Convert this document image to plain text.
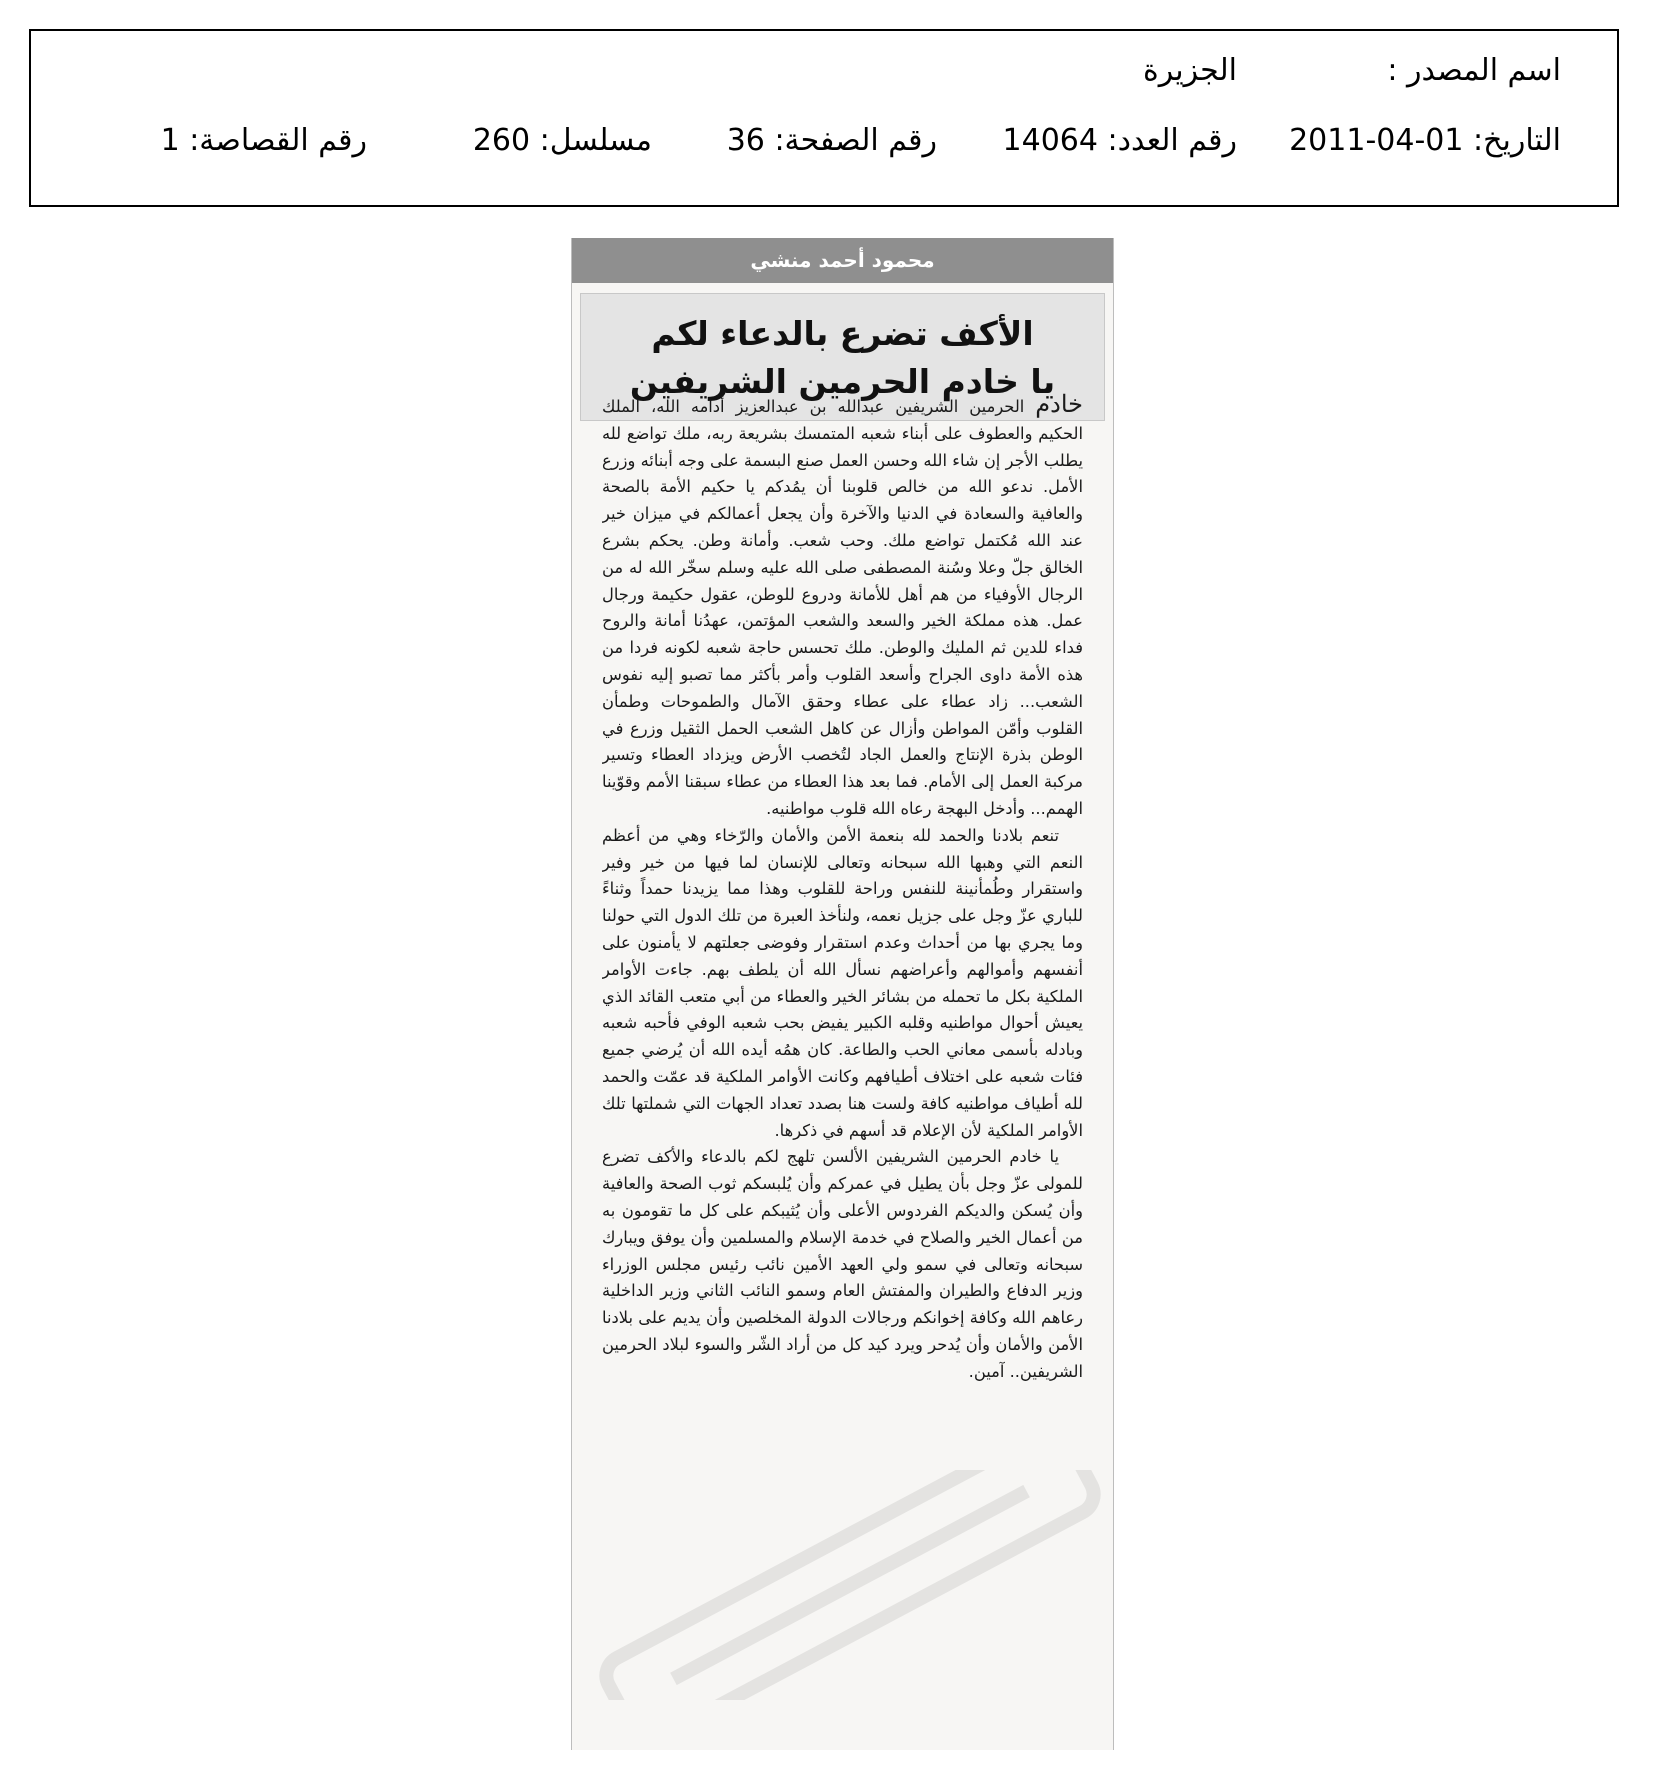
اسم المصدر :
الجزيرة
التاريخ: 01-04-2011
رقم العدد: 14064
رقم الصفحة: 36
مسلسل: 260
رقم القصاصة: 1
محمود أحمد منشي
الأكف تضرع بالدعاء لكم
يا خادم الحرمين الشريفين

خادم الحرمين الشريفين عبدالله بن عبدالعزيز أدامه الله، الملك الحكيم والعطوف على أبناء شعبه المتمسك بشريعة ربه، ملك تواضع لله يطلب الأجر إن شاء الله وحسن العمل صنع البسمة على وجه أبنائه وزرع الأمل. ندعو الله من خالص قلوبنا أن يمُدكم يا حكيم الأمة بالصحة والعافية والسعادة في الدنيا والآخرة وأن يجعل أعمالكم في ميزان خير عند الله مُكتمل تواضع ملك. وحب شعب. وأمانة وطن. يحكم بشرع الخالق جلّ وعلا وسُنة المصطفى صلى الله عليه وسلم سخّر الله له من الرجال الأوفياء من هم أهل للأمانة ودروع للوطن، عقول حكيمة ورجال عمل. هذه مملكة الخير والسعد والشعب المؤتمن، عهدُنا أمانة والروح فداء للدين ثم المليك والوطن. ملك تحسس حاجة شعبه لكونه فردا من هذه الأمة داوى الجراح وأسعد القلوب وأمر بأكثر مما تصبو إليه نفوس الشعب... زاد عطاء على عطاء وحقق الآمال والطموحات وطمأن القلوب وأمّن المواطن وأزال عن كاهل الشعب الحمل الثقيل وزرع في الوطن بذرة الإنتاج والعمل الجاد لتُخصب الأرض ويزداد العطاء وتسير مركبة العمل إلى الأمام. فما بعد هذا العطاء من عطاء سبقنا الأمم وقوّينا الهمم... وأدخل البهجة رعاه الله قلوب مواطنيه.

تنعم بلادنا والحمد لله بنعمة الأمن والأمان والرّخاء وهي من أعظم النعم التي وهبها الله سبحانه وتعالى للإنسان لما فيها من خير وفير واستقرار وطُمأنينة للنفس وراحة للقلوب وهذا مما يزيدنا حمداً وثناءً للباري عزّ وجل على جزيل نعمه، ولنأخذ العبرة من تلك الدول التي حولنا وما يجري بها من أحداث وعدم استقرار وفوضى جعلتهم لا يأمنون على أنفسهم وأموالهم وأعراضهم نسأل الله أن يلطف بهم. جاءت الأوامر الملكية بكل ما تحمله من بشائر الخير والعطاء من أبي متعب القائد الذي يعيش أحوال مواطنيه وقلبه الكبير يفيض بحب شعبه الوفي فأحبه شعبه وبادله بأسمى معاني الحب والطاعة. كان همُه أيده الله أن يُرضي جميع فئات شعبه على اختلاف أطيافهم وكانت الأوامر الملكية قد عمّت والحمد لله أطياف مواطنيه كافة ولست هنا بصدد تعداد الجهات التي شملتها تلك الأوامر الملكية لأن الإعلام قد أسهم في ذكرها.

يا خادم الحرمين الشريفين الألسن تلهج لكم بالدعاء والأكف تضرع للمولى عزّ وجل بأن يطيل في عمركم وأن يُلبسكم ثوب الصحة والعافية وأن يُسكن والديكم الفردوس الأعلى وأن يُثيبكم على كل ما تقومون به من أعمال الخير والصلاح في خدمة الإسلام والمسلمين وأن يوفق ويبارك سبحانه وتعالى في سمو ولي العهد الأمين نائب رئيس مجلس الوزراء وزير الدفاع والطيران والمفتش العام وسمو النائب الثاني وزير الداخلية رعاهم الله وكافة إخوانكم ورجالات الدولة المخلصين وأن يديم على بلادنا الأمن والأمان وأن يُدحر ويرد كيد كل من أراد الشّر والسوء لبلاد الحرمين الشريفين.. آمين.
